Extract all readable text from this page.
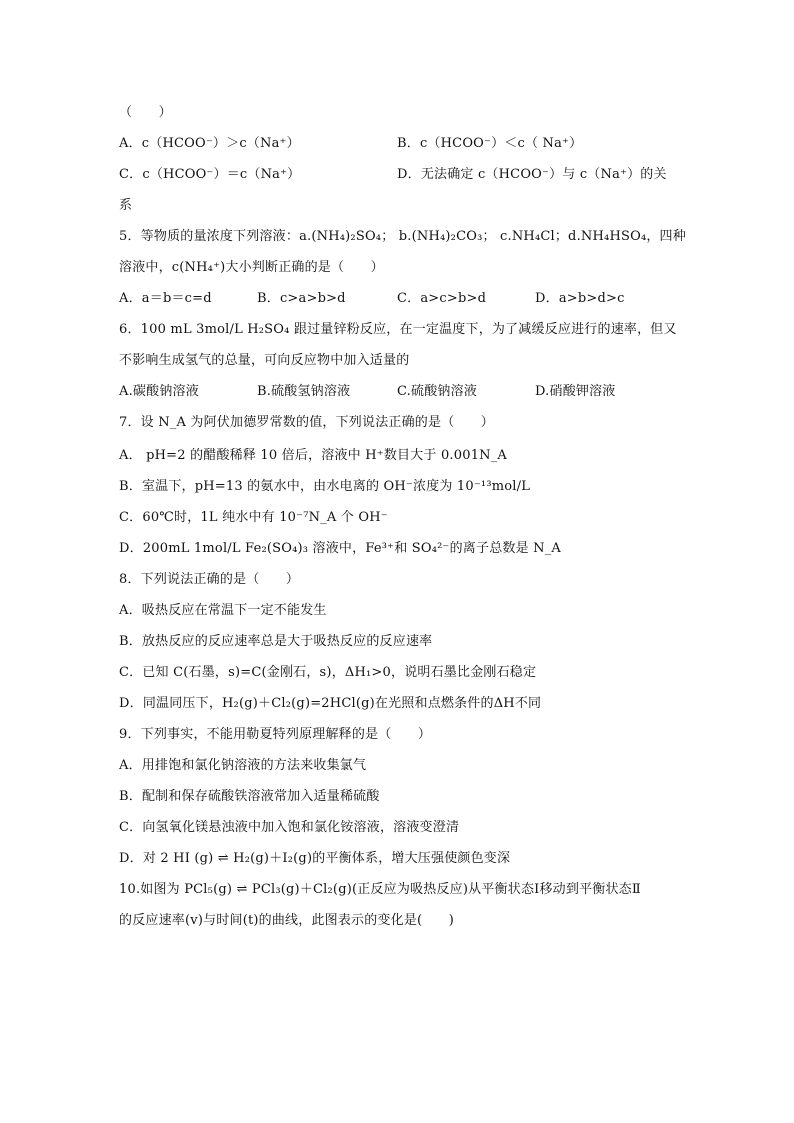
（　　）
A．c（HCOO⁻）＞c（Na⁺）	B．c（HCOO⁻）＜c（ Na⁺）
C．c（HCOO⁻）＝c（Na⁺）	D．无法确定 c（HCOO⁻）与 c（Na⁺）的关
系
5．等物质的量浓度下列溶液：a.(NH₄)₂SO₄； b.(NH₄)₂CO₃； c.NH₄Cl；d.NH₄HSO₄，四种
溶液中，c(NH₄⁺)大小判断正确的是（　　）
A．a＝b＝c=d	B．c>a>b>d	C．a>c>b>d	D．a>b>d>c
6．100 mL 3mol/L H₂SO₄ 跟过量锌粉反应，在一定温度下，为了减缓反应进行的速率，但又
不影响生成氢气的总量，可向反应物中加入适量的
A.碳酸钠溶液	B.硫酸氢钠溶液	C.硫酸钠溶液	D.硝酸钾溶液
7．设 N_A 为阿伏加德罗常数的值，下列说法正确的是（　　）
A． pH=2 的醋酸稀释 10 倍后，溶液中 H⁺数目大于 0.001N_A
B．室温下，pH=13 的氨水中，由水电离的 OH⁻浓度为 10⁻¹³mol/L
C．60℃时，1L 纯水中有 10⁻⁷N_A 个 OH⁻
D．200mL 1mol/L Fe₂(SO₄)₃ 溶液中，Fe³⁺和 SO₄²⁻的离子总数是 N_A
8．下列说法正确的是（　　）
A．吸热反应在常温下一定不能发生
B．放热反应的反应速率总是大于吸热反应的反应速率
C．已知 C(石墨，s)=C(金刚石，s)，ΔH₁>0，说明石墨比金刚石稳定
D．同温同压下，H₂(g)＋Cl₂(g)=2HCl(g)在光照和点燃条件的ΔH不同
9．下列事实，不能用勒夏特列原理解释的是（　　）
A．用排饱和氯化钠溶液的方法来收集氯气
B．配制和保存硫酸铁溶液常加入适量稀硫酸
C．向氢氧化镁悬浊液中加入饱和氯化铵溶液，溶液变澄清
D．对 2 HI (g) ⇌ H₂(g)＋I₂(g)的平衡体系，增大压强使颜色变深
10.如图为 PCl₅(g) ⇌ PCl₃(g)＋Cl₂(g)(正反应为吸热反应)从平衡状态Ⅰ移动到平衡状态Ⅱ
的反应速率(v)与时间(t)的曲线，此图表示的变化是(　　)
